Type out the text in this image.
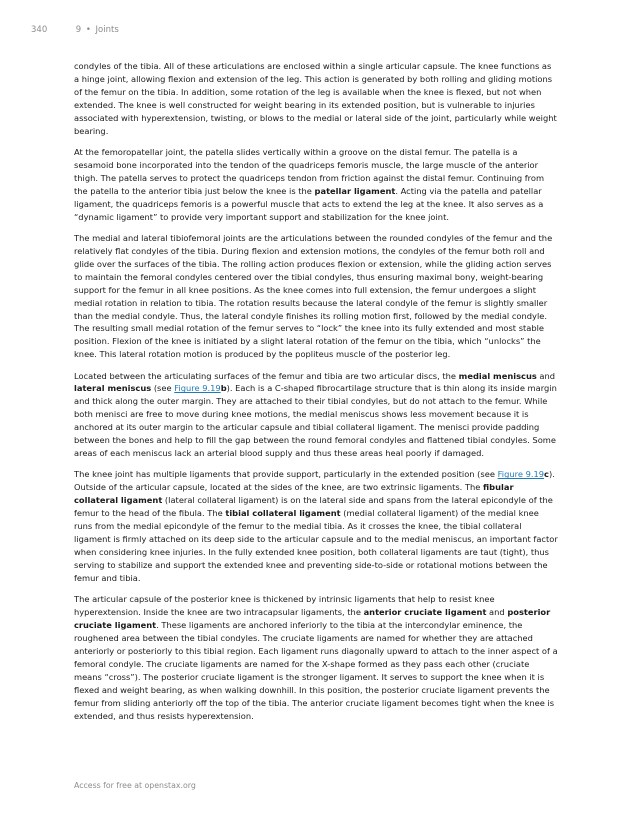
340	9 • Joints

condyles of the tibia. All of these articulations are enclosed within a single articular capsule. The knee functions as a hinge joint, allowing flexion and extension of the leg. This action is generated by both rolling and gliding motions of the femur on the tibia. In addition, some rotation of the leg is available when the knee is flexed, but not when extended. The knee is well constructed for weight bearing in its extended position, but is vulnerable to injuries associated with hyperextension, twisting, or blows to the medial or lateral side of the joint, particularly while weight bearing.

At the femoropatellar joint, the patella slides vertically within a groove on the distal femur. The patella is a sesamoid bone incorporated into the tendon of the quadriceps femoris muscle, the large muscle of the anterior thigh. The patella serves to protect the quadriceps tendon from friction against the distal femur. Continuing from the patella to the anterior tibia just below the knee is the patellar ligament. Acting via the patella and patellar ligament, the quadriceps femoris is a powerful muscle that acts to extend the leg at the knee. It also serves as a “dynamic ligament” to provide very important support and stabilization for the knee joint.

The medial and lateral tibiofemoral joints are the articulations between the rounded condyles of the femur and the relatively flat condyles of the tibia. During flexion and extension motions, the condyles of the femur both roll and glide over the surfaces of the tibia. The rolling action produces flexion or extension, while the gliding action serves to maintain the femoral condyles centered over the tibial condyles, thus ensuring maximal bony, weight-bearing support for the femur in all knee positions. As the knee comes into full extension, the femur undergoes a slight medial rotation in relation to tibia. The rotation results because the lateral condyle of the femur is slightly smaller than the medial condyle. Thus, the lateral condyle finishes its rolling motion first, followed by the medial condyle. The resulting small medial rotation of the femur serves to “lock” the knee into its fully extended and most stable position. Flexion of the knee is initiated by a slight lateral rotation of the femur on the tibia, which “unlocks” the knee. This lateral rotation motion is produced by the popliteus muscle of the posterior leg.

Located between the articulating surfaces of the femur and tibia are two articular discs, the medial meniscus and lateral meniscus (see Figure 9.19b). Each is a C-shaped fibrocartilage structure that is thin along its inside margin and thick along the outer margin. They are attached to their tibial condyles, but do not attach to the femur. While both menisci are free to move during knee motions, the medial meniscus shows less movement because it is anchored at its outer margin to the articular capsule and tibial collateral ligament. The menisci provide padding between the bones and help to fill the gap between the round femoral condyles and flattened tibial condyles. Some areas of each meniscus lack an arterial blood supply and thus these areas heal poorly if damaged.

The knee joint has multiple ligaments that provide support, particularly in the extended position (see Figure 9.19c). Outside of the articular capsule, located at the sides of the knee, are two extrinsic ligaments. The fibular collateral ligament (lateral collateral ligament) is on the lateral side and spans from the lateral epicondyle of the femur to the head of the fibula. The tibial collateral ligament (medial collateral ligament) of the medial knee runs from the medial epicondyle of the femur to the medial tibia. As it crosses the knee, the tibial collateral ligament is firmly attached on its deep side to the articular capsule and to the medial meniscus, an important factor when considering knee injuries. In the fully extended knee position, both collateral ligaments are taut (tight), thus serving to stabilize and support the extended knee and preventing side-to-side or rotational motions between the femur and tibia.

The articular capsule of the posterior knee is thickened by intrinsic ligaments that help to resist knee hyperextension. Inside the knee are two intracapsular ligaments, the anterior cruciate ligament and posterior cruciate ligament. These ligaments are anchored inferiorly to the tibia at the intercondylar eminence, the roughened area between the tibial condyles. The cruciate ligaments are named for whether they are attached anteriorly or posteriorly to this tibial region. Each ligament runs diagonally upward to attach to the inner aspect of a femoral condyle. The cruciate ligaments are named for the X-shape formed as they pass each other (cruciate means “cross”). The posterior cruciate ligament is the stronger ligament. It serves to support the knee when it is flexed and weight bearing, as when walking downhill. In this position, the posterior cruciate ligament prevents the femur from sliding anteriorly off the top of the tibia. The anterior cruciate ligament becomes tight when the knee is extended, and thus resists hyperextension.

Access for free at openstax.org
